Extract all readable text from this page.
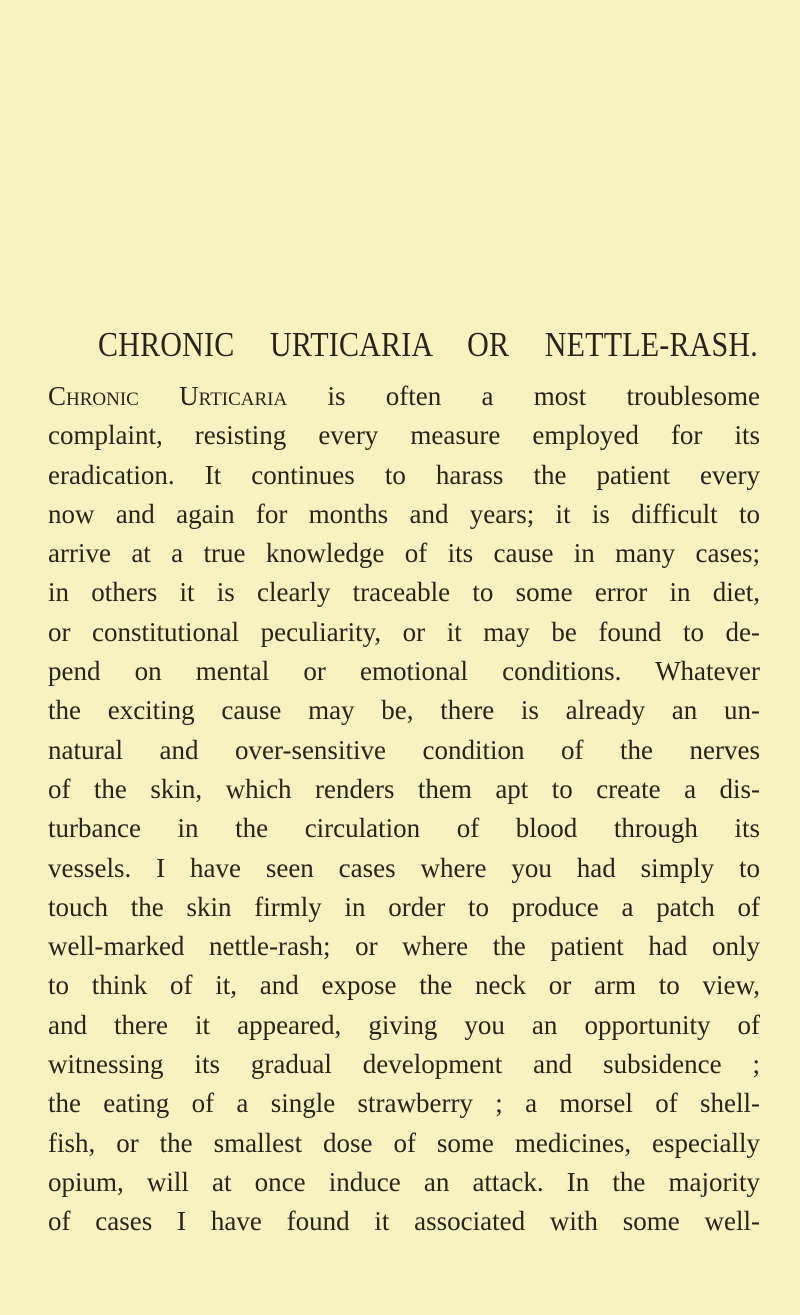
CHRONIC URTICARIA OR NETTLE-RASH.
Chronic Urticaria is often a most troublesome
complaint, resisting every measure employed for its
eradication. It continues to harass the patient every
now and again for months and years; it is difficult to
arrive at a true knowledge of its cause in many cases;
in others it is clearly traceable to some error in diet,
or constitutional peculiarity, or it may be found to de-
pend on mental or emotional conditions. Whatever
the exciting cause may be, there is already an un-
natural and over-sensitive condition of the nerves
of the skin, which renders them apt to create a dis-
turbance in the circulation of blood through its
vessels. I have seen cases where you had simply to
touch the skin firmly in order to produce a patch of
well-marked nettle-rash; or where the patient had only
to think of it, and expose the neck or arm to view,
and there it appeared, giving you an opportunity of
witnessing its gradual development and subsidence ;
the eating of a single strawberry ; a morsel of shell-
fish, or the smallest dose of some medicines, especially
opium, will at once induce an attack. In the majority
of cases I have found it associated with some well-
